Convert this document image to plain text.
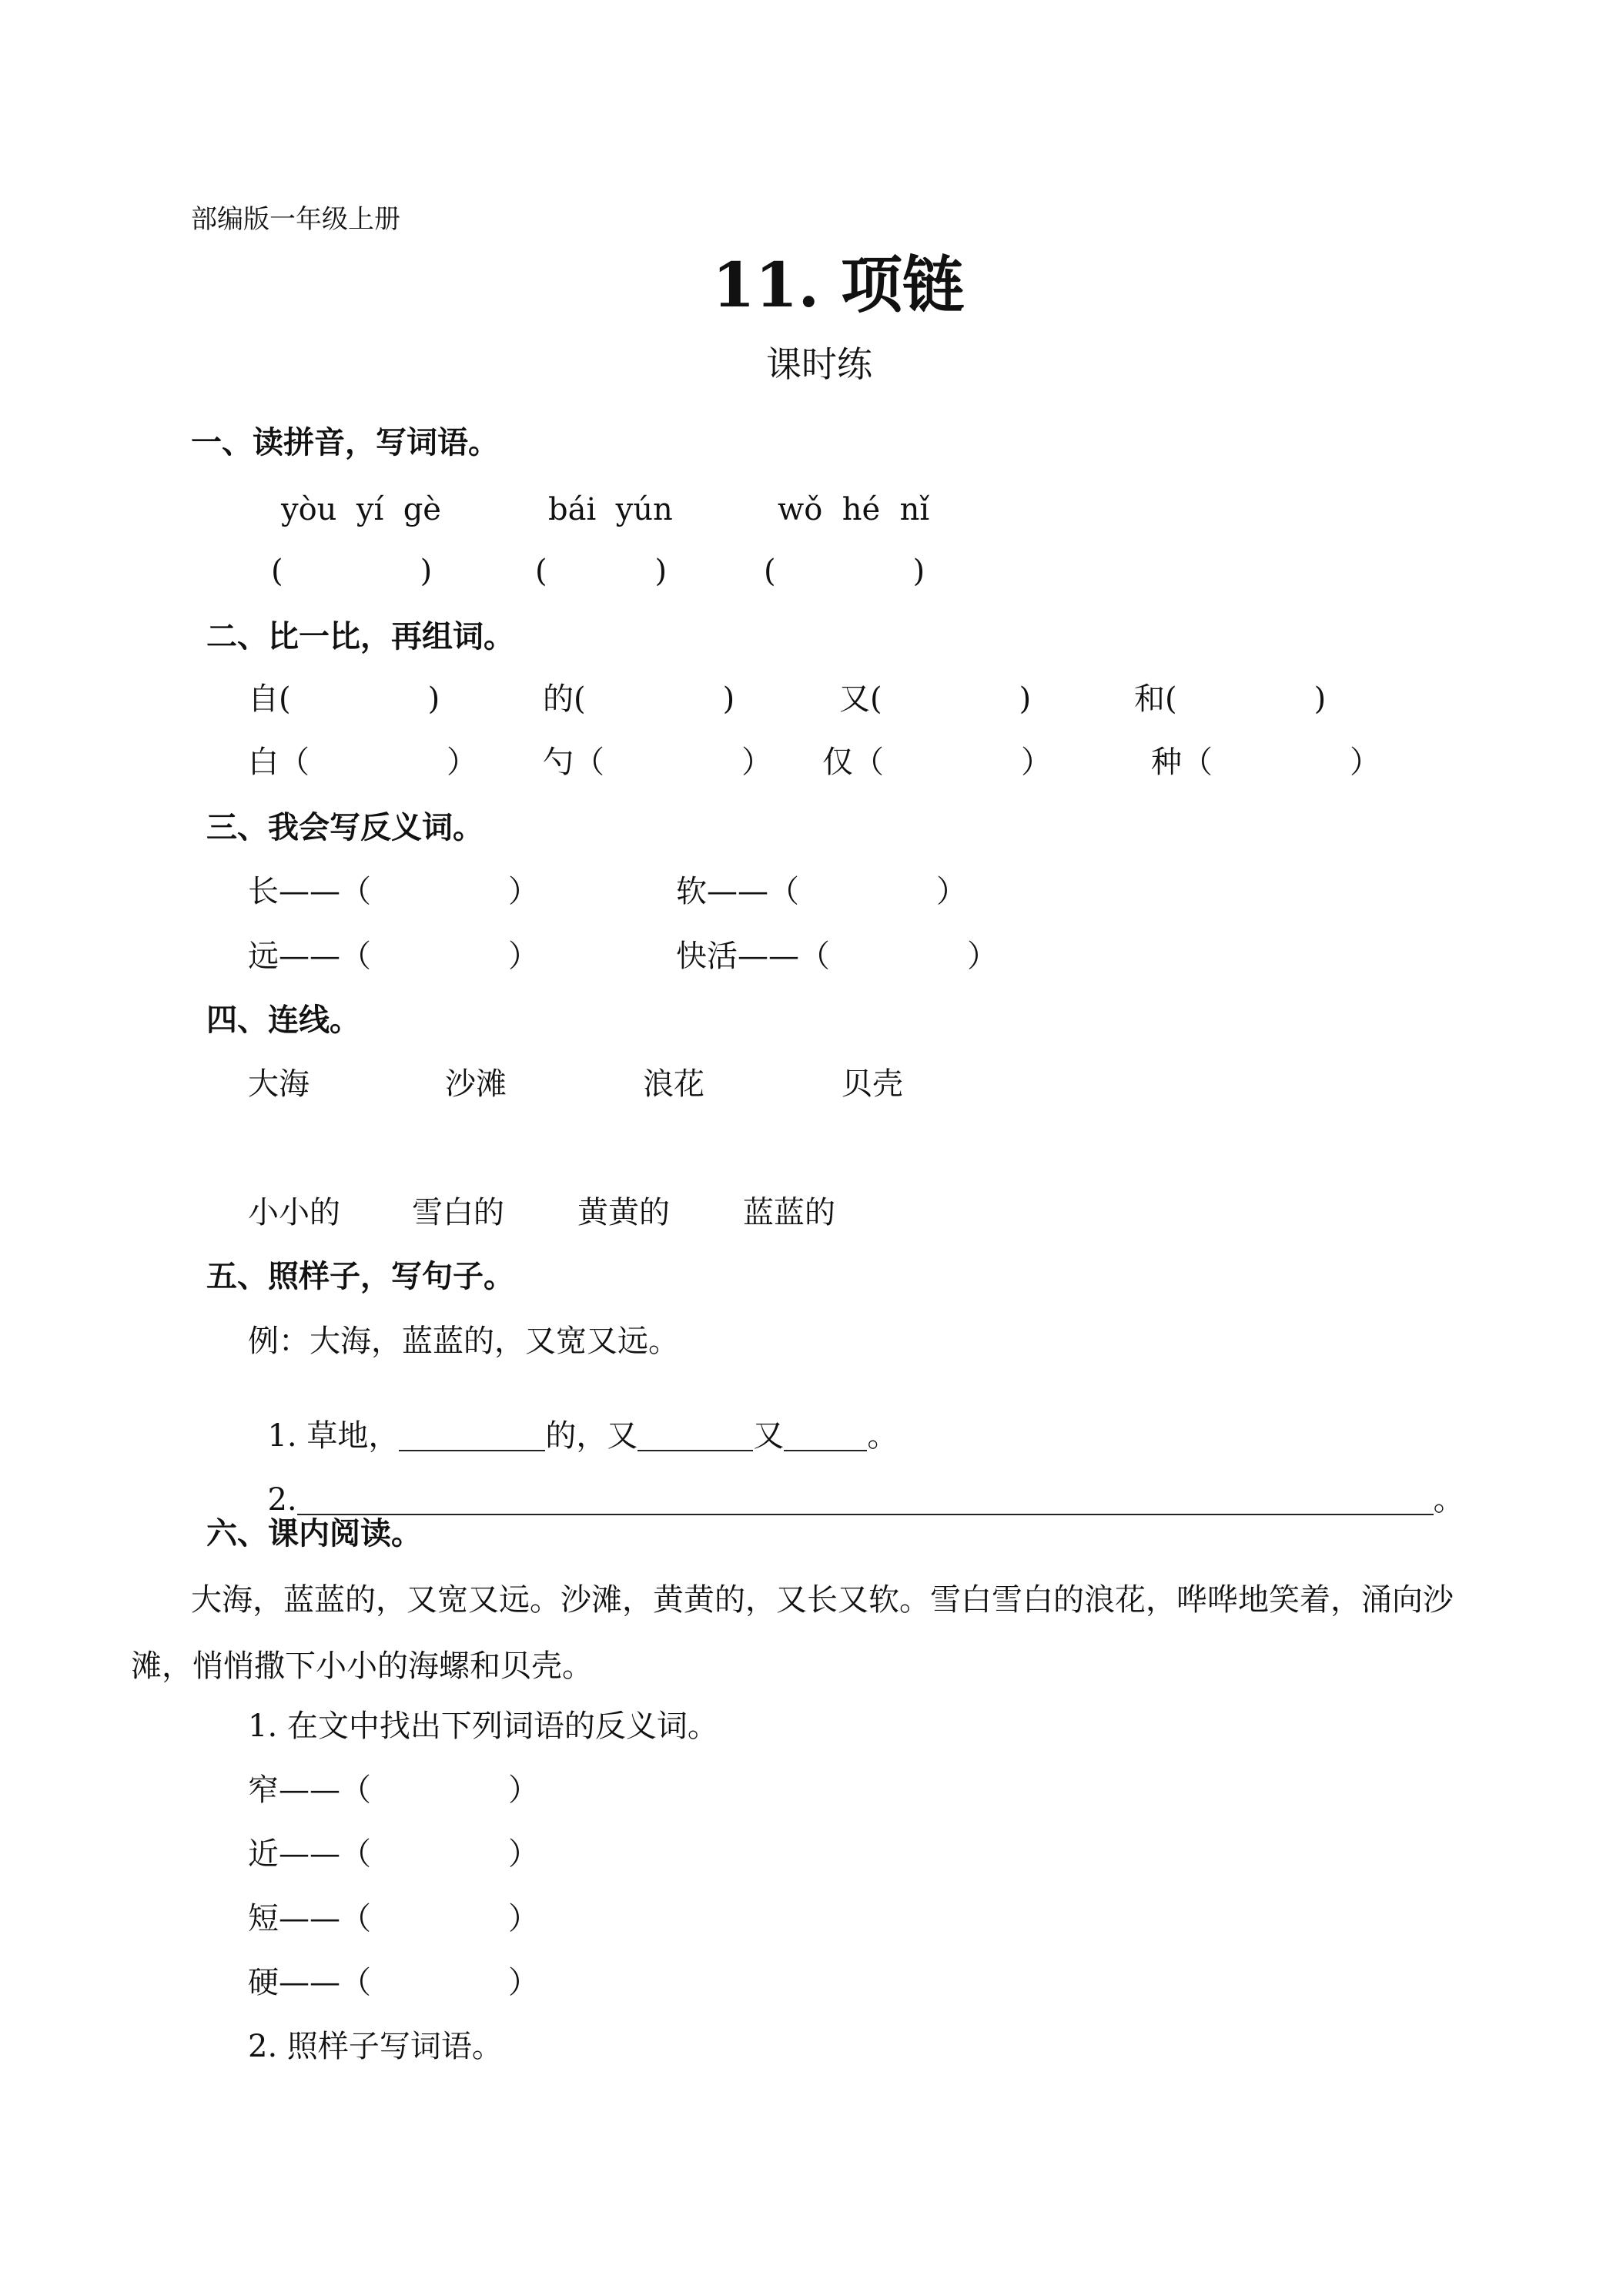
部编版一年级上册
11. 项链
课时练
一、读拼音，写词语。
yòu  yí  gè	bái  yún	wǒ  hé  nǐ
(              )	(           )	(              )
二、比一比，再组词。
自(              )	的(              )	又(              )	和(              )
白（              ） 勺（              ） 仅（              ）	种（              ）
三、我会写反义词。
长——（              ）	软——（              ）
远——（              ）	快活——（              ）
四、连线。
大海	沙滩	浪花	贝壳
小小的 雪白的 黄黄的 蓝蓝的
五、照样子，写句子。
例：大海，蓝蓝的，又宽又远。

1. 草地，	的，又	又	。

2.	。

六、课内阅读。
大海，蓝蓝的，又宽又远。沙滩，黄黄的，又长又软。雪白雪白的浪花，哗哗地笑着，涌向沙滩，悄悄撒下小小的海螺和贝壳。
1. 在文中找出下列词语的反义词。
窄——（              ）
近——（              ）
短——（              ）
硬——（              ）
2. 照样子写词语。
